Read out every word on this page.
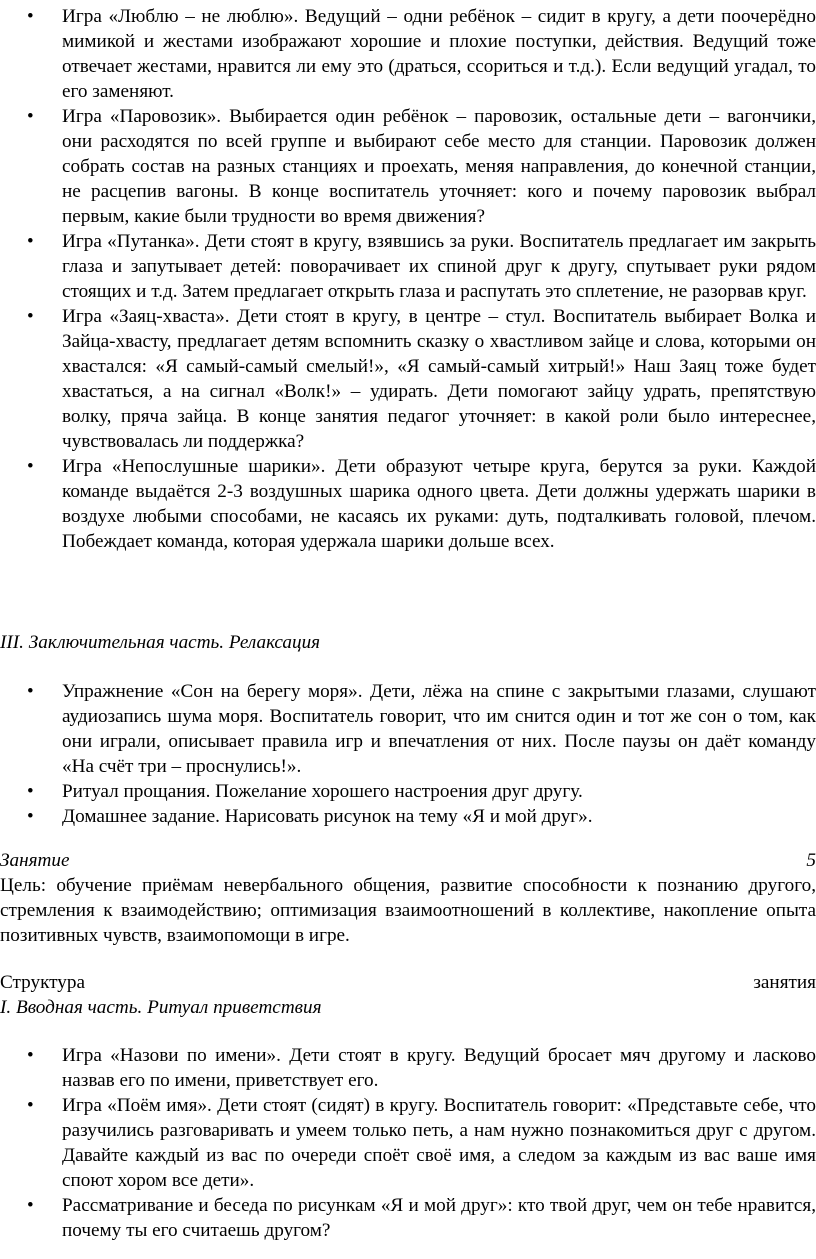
• Игра «Люблю – не люблю». Ведущий – одни ребёнок – сидит в кругу, а дети поочерёдно мимикой и жестами изображают хорошие и плохие поступки, действия. Ведущий тоже отвечает жестами, нравится ли ему это (драться, ссориться и т.д.). Если ведущий угадал, то его заменяют.
• Игра «Паровозик». Выбирается один ребёнок – паровозик, остальные дети – вагончики, они расходятся по всей группе и выбирают себе место для станции. Паровозик должен собрать состав на разных станциях и проехать, меняя направления, до конечной станции, не расцепив вагоны. В конце воспитатель уточняет: кого и почему паровозик выбрал первым, какие были трудности во время движения?
• Игра «Путанка». Дети стоят в кругу, взявшись за руки. Воспитатель предлагает им закрыть глаза и запутывает детей: поворачивает их спиной друг к другу, спутывает руки рядом стоящих и т.д. Затем предлагает открыть глаза и распутать это сплетение, не разорвав круг.
• Игра «Заяц-хваста». Дети стоят в кругу, в центре – стул. Воспитатель выбирает Волка и Зайца-хвасту, предлагает детям вспомнить сказку о хвастливом зайце и слова, которыми он хвастался: «Я самый-самый смелый!», «Я самый-самый хитрый!» Наш Заяц тоже будет хвастаться, а на сигнал «Волк!» – удирать. Дети помогают зайцу удрать, препятствую волку, пряча зайца. В конце занятия педагог уточняет: в какой роли было интереснее, чувствовалась ли поддержка?
• Игра «Непослушные шарики». Дети образуют четыре круга, берутся за руки. Каждой команде выдаётся 2-3 воздушных шарика одного цвета. Дети должны удержать шарики в воздухе любыми способами, не касаясь их руками: дуть, подталкивать головой, плечом. Побеждает команда, которая удержала шарики дольше всех.

III. Заключительная часть. Релаксация

• Упражнение «Сон на берегу моря». Дети, лёжа на спине с закрытыми глазами, слушают аудиозапись шума моря. Воспитатель говорит, что им снится один и тот же сон о том, как они играли, описывает правила игр и впечатления от них. После паузы он даёт команду «На счёт три – проснулись!».
• Ритуал прощания. Пожелание хорошего настроения друг другу.
• Домашнее задание. Нарисовать рисунок на тему «Я и мой друг».
Занятие	5

Цель: обучение приёмам невербального общения, развитие способности к познанию другого, стремления к взаимодействию; оптимизация взаимоотношений в коллективе, накопление опыта позитивных чувств, взаимопомощи в игре.

Структура	занятия

I. Вводная часть. Ритуал приветствия

• Игра «Назови по имени». Дети стоят в кругу. Ведущий бросает мяч другому и ласково назвав его по имени, приветствует его.
• Игра «Поём имя». Дети стоят (сидят) в кругу. Воспитатель говорит: «Представьте себе, что разучились разговаривать и умеем только петь, а нам нужно познакомиться друг с другом. Давайте каждый из вас по очереди споёт своё имя, а следом за каждым из вас ваше имя споют хором все дети».
• Рассматривание и беседа по рисункам «Я и мой друг»: кто твой друг, чем он тебе нравится, почему ты его считаешь другом?
